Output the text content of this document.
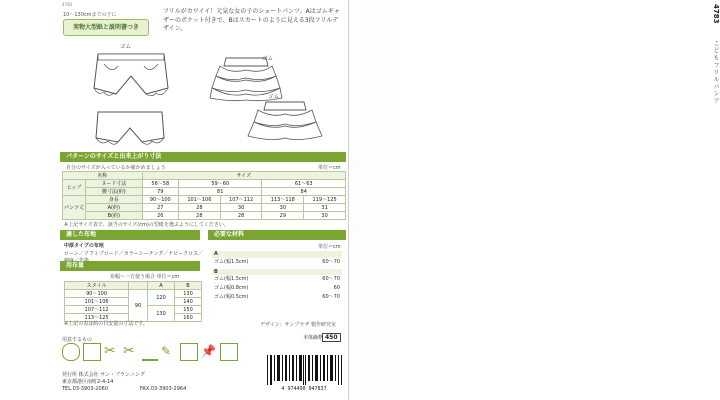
4783
10～130cmまでの子に
実物大型紙と説明書つき
フリルがカワイイ！元気な女の子のショートパンツ。Aはゴムギャザーのポケット付きで、Bはスカートのように見える3段フリルデザイン。
ゴム
ゴム
ゴム
パターンのサイズと出来上がり寸法
自分のサイズが入っているか確かめましょう	単位＝cm
名称		サイズ				
ヒップ	ヌード寸法	56～58	59～60		61～63	
	腰寸法(約)	79	81		84	
パンツ丈	身長	90～100	101～106	107～112	113～118	119～125
	A(約)	27	28	30	30	31
	B(約)	26	28	28	29	30
※上記サイズ表で、該当のサイズ(cm)の型紙を選ぶようにしてください。
適した布地
中厚タイプの布地
ローン／ソフトブロード／カラーシーチング／ナビークロス／
用布量
布幅～一方使う場合 単位＝cm
スタイル		A	B
90～100	90	120	130
101～106			140
107～112		130	150
113～125			160
※上記の表は約の目安量の寸法です。
必要な材料
単位＝cm
A
ゴム(幅1.5cm)	60～70
B
ゴム(幅1.5cm)	60～70
ゴム(幅0.8cm)	60
ゴム(幅0.5cm)	60～70
デザイン：サンプラザ 製作研究室
用意するもの
✂ ✂	✎	📌
発行所 株式会社 サン・ブランニング
東京都港区南町2-4-14
TEL.03-3903-2060	FAX.03-3903-2964
本体価格 450
4 974490 047837
4783
こども
フリルパンツ
